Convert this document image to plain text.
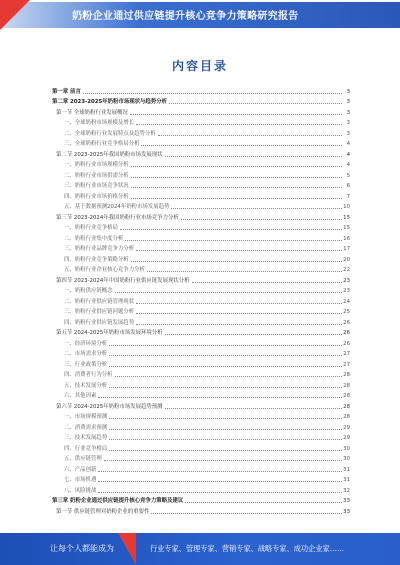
奶粉企业通过供应链提升核心竞争力策略研究报告
内容目录
第一章 前言	3
第二章 2023-2025年奶粉市场现状与趋势分析	3
第一节 全球奶粉行业发展概况	3
一、全球奶粉市场规模及增长	3
二、全球奶粉行业发展特点及趋势分析	3
三、全球奶粉行业竞争格局分析	4
第二节 2023-2025年我国奶粉市场发展现状	4
一、奶粉行业市场规模分析	4
二、奶粉行业市场供需分析	5
三、奶粉行业市场竞争状况	6
四、奶粉行业市场价格分析	7
五、基于数据预测2024年奶粉市场发展趋势	10
第三节 2023-2024年我国奶粉行业市场竞争力分析	15
一、奶粉行业竞争格局	15
二、奶粉行业集中度分析	16
三、奶粉行业品牌竞争力分析	17
四、奶粉行业竞争策略分析	20
五、奶粉行业企业核心竞争力分析	22
第四节 2023-2024年中国奶粉行业供应链发展现状分析	23
一、奶粉供应链概念	23
二、奶粉行业供应链管理现状	24
三、奶粉行业供应链问题分析	25
四、奶粉行业供应链发展趋势	26
第五节 2024-2025年奶粉市场发展环境分析	26
一、经济环境分析	26
二、市场需求分析	27
三、行业政策分析	27
四、消费者行为分析	28
五、技术发展分析	28
六、其他因素	28
第六节 2024-2025年奶粉市场发展趋势预测	28
一、市场规模预测	28
二、消费需求预测	29
三、技术发展趋势	29
四、行业竞争格局	30
五、供应链管理	30
六、产品创新	31
七、市场机遇	31
八、风险挑战	32
第三章 奶粉企业通过供应链提升核心竞争力策略及建议	33
第一节 供应链管理对奶粉企业的重要性	33
让每个人都能成为	行业专家、管理专家、营销专家、战略专家、成功企业家……
